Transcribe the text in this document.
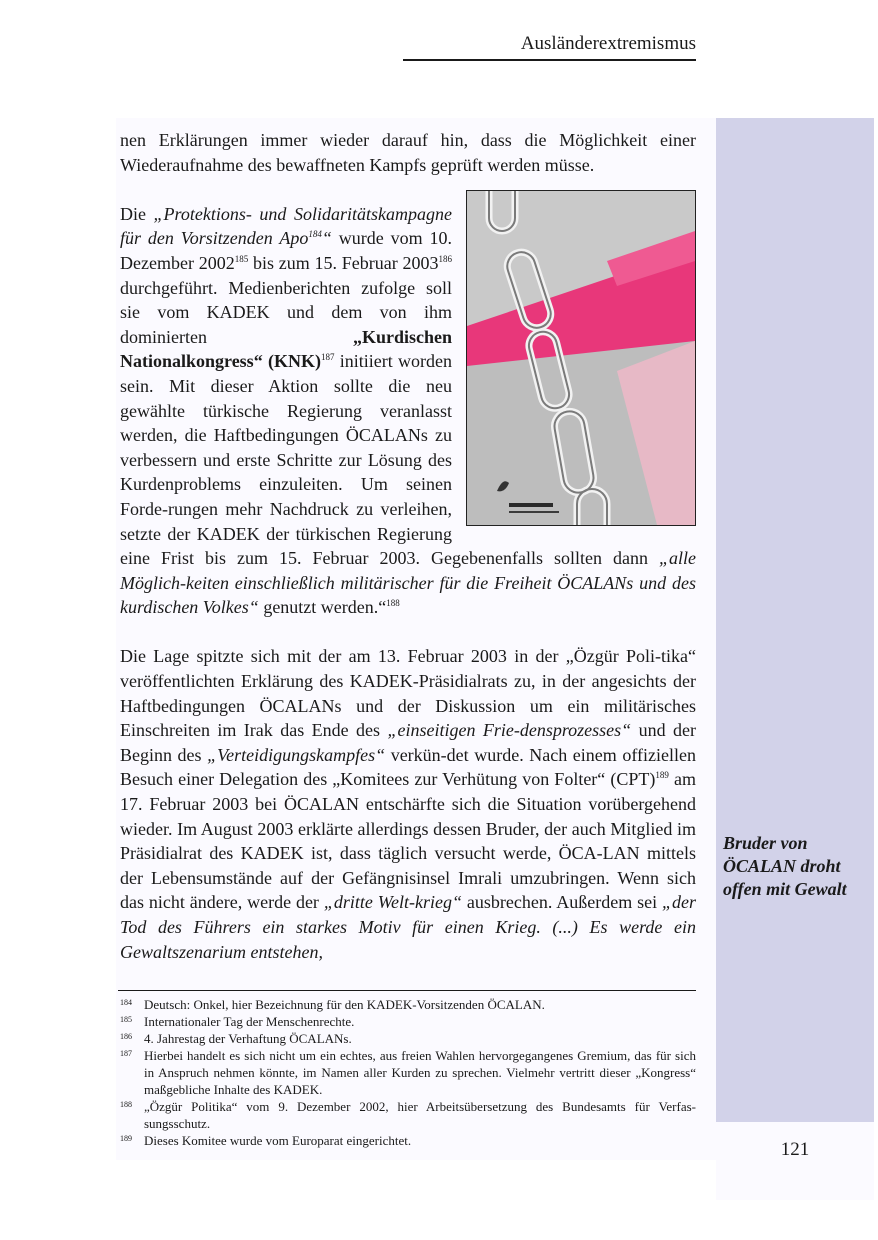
Ausländerextremismus
Bruder von ÖCALAN droht offen mit Gewalt
121

nen Erklärungen immer wieder darauf hin, dass die Möglichkeit einer Wiederaufnahme des bewaffneten Kampfs geprüft werden müsse.

Die „Protektions- und Solidaritätskampagne für den Vorsitzenden Apo$^{184}$“ wurde vom 10. Dezember 2002$^{185}$ bis zum 15. Februar 2003$^{186}$ durchgeführt. Medienberichten zufolge soll sie vom KADEK und dem von ihm dominierten „Kurdischen Nationalkongress“ (KNK)$^{187}$ initiiert worden sein. Mit dieser Aktion sollte die neu gewählte türkische Regierung veranlasst werden, die Haftbedingungen ÖCALANs zu verbessern und erste Schritte zur Lösung des Kurdenproblems einzuleiten. Um seinen Forde-rungen mehr Nachdruck zu verleihen, setzte der KADEK der türkischen Regierung eine Frist bis zum 15. Februar 2003. Gegebenenfalls sollten dann „alle Möglich-keiten einschließlich militärischer für die Freiheit ÖCALANs und des kurdischen Volkes“ genutzt werden.“$^{188}$

Die Lage spitzte sich mit der am 13. Februar 2003 in der „Özgür Poli-tika“ veröffentlichten Erklärung des KADEK-Präsidialrats zu, in der angesichts der Haftbedingungen ÖCALANs und der Diskussion um ein militärisches Einschreiten im Irak das Ende des „einseitigen Frie-densprozesses“ und der Beginn des „Verteidigungskampfes“ verkün-det wurde. Nach einem offiziellen Besuch einer Delegation des „Komitees zur Verhütung von Folter“ (CPT)$^{189}$ am 17. Februar 2003 bei ÖCALAN entschärfte sich die Situation vorübergehend wieder. Im August 2003 erklärte allerdings dessen Bruder, der auch Mitglied im Präsidialrat des KADEK ist, dass täglich versucht werde, ÖCA-LAN mittels der Lebensumstände auf der Gefängnisinsel Imrali umzubringen. Wenn sich das nicht ändere, werde der „dritte Welt-krieg“ ausbrechen. Außerdem sei „der Tod des Führers ein starkes Motiv für einen Krieg. (...) Es werde ein Gewaltszenarium entstehen,

184 Deutsch: Onkel, hier Bezeichnung für den KADEK-Vorsitzenden ÖCALAN.
185 Internationaler Tag der Menschenrechte.
186 4. Jahrestag der Verhaftung ÖCALANs.
187 Hierbei handelt es sich nicht um ein echtes, aus freien Wahlen hervorgegangenes Gremium, das für sich in Anspruch nehmen könnte, im Namen aller Kurden zu sprechen. Vielmehr vertritt dieser „Kongress“ maßgebliche Inhalte des KADEK.
188 „Özgür Politika“ vom 9. Dezember 2002, hier Arbeitsübersetzung des Bundesamts für Verfas-sungsschutz.
189 Dieses Komitee wurde vom Europarat eingerichtet.
